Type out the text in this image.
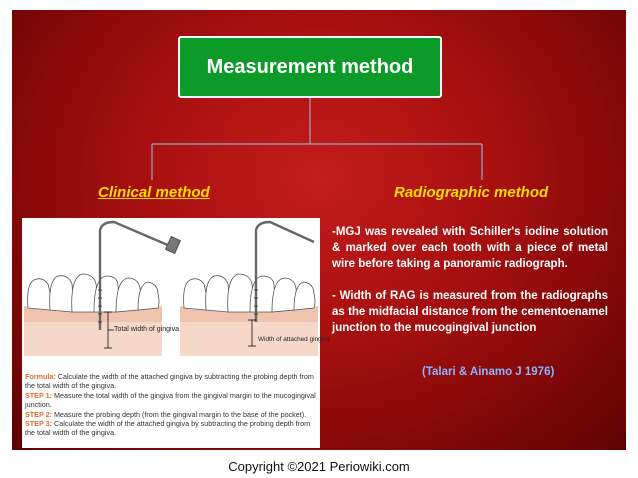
Measurement method
Clinical method	Radiographic method
Total width of gingiva
Width of attached gingiva

Formula: Calculate the width of the attached gingiva by subtracting the probing depth from the total width of the gingiva.

STEP 1: Measure the total width of the gingiva from the gingival margin to the mucogingival junction.

STEP 2: Measure the probing depth (from the gingival margin to the base of the pocket).

STEP 3: Calculate the width of the attached gingiva by subtracting the probing depth from the total width of the gingiva.

-MGJ was revealed with Schiller's iodine solution & marked over each tooth with a piece of metal wire before taking a panoramic radiograph.

- Width of RAG is measured from the radiographs as the midfacial distance from the cementoenamel junction to the mucogingival junction

(Talari & Ainamo J 1976)
Copyright ©2021 Periowiki.com
